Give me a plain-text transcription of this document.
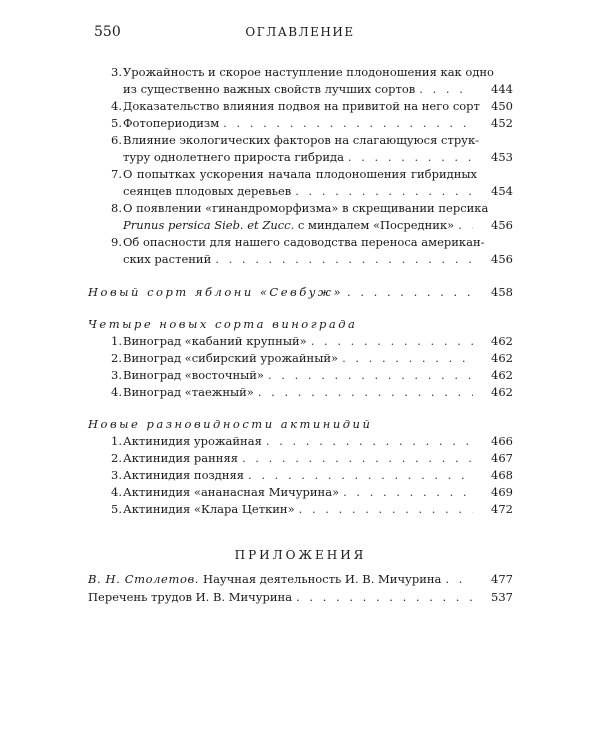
550	ОГЛАВЛЕНИЕ
3. Урожайность и скорое наступление плодоношения как одно
из существенно важных свойств лучших сортов . . .	444
4. Доказательство влияния подвоя на привитой на него сорт 450
5. Фотопериодизм . . .	452
6. Влияние экологических факторов на слагающуюся струк-
туру однолетнего прироста гибрида . . .	453
7. О попытках ускорения начала плодоношения гибридных
сеянцев плодовых деревьев . . .	454
8. О появлении «гинандроморфизма» в скрещивании персика
Prunus persica Sieb. et Zucc. с миндалем «Посредник» . . .	456
9. Об опасности для нашего садоводства переноса американ-
ских растений . . .	456
Новый сорт яблони «Севбуж» . . .	458
Четыре новых сорта винограда
1. Виноград «кабаний крупный» . . .	462
2. Виноград «сибирский урожайный» . . .	462
3. Виноград «восточный» . . .	462
4. Виноград «таежный» . . .	462
Новые разновидности актинидий
1. Актинидия урожайная . . .	466
2. Актинидия ранняя . . .	467
3. Актинидия поздняя . . .	468
4. Актинидия «ананасная Мичурина» . . .	469
5. Актинидия «Клара Цеткин» . . .	472
ПРИЛОЖЕНИЯ
В. Н. Столетов. Научная деятельность И. В. Мичурина . . .	477
Перечень трудов И. В. Мичурина . . .	537
